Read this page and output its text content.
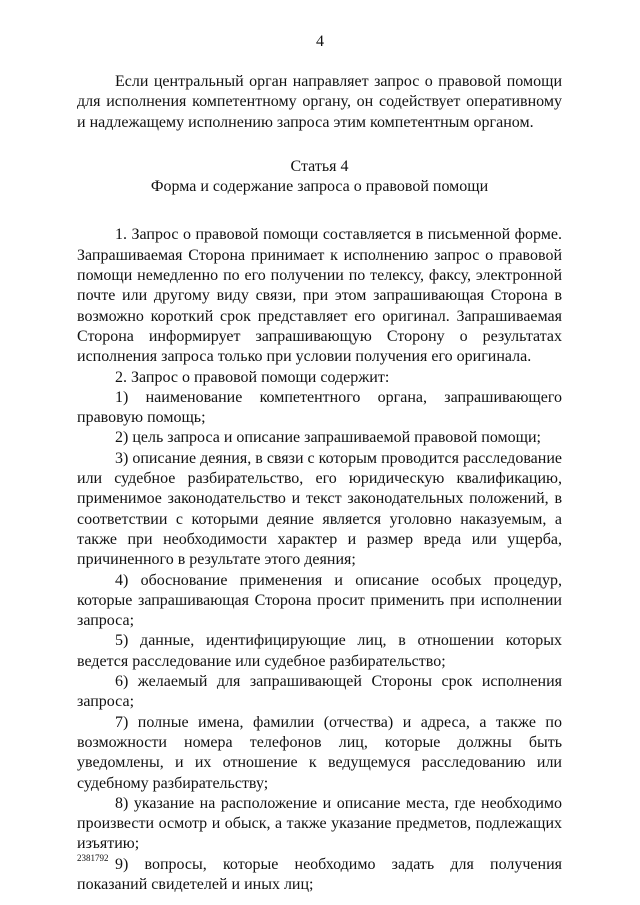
4

Если центральный орган направляет запрос о правовой помощи для исполнения компетентному органу, он содействует оперативному и надлежащему исполнению запроса этим компетентным органом.

Статья 4
Форма и содержание запроса о правовой помощи

1. Запрос о правовой помощи составляется в письменной форме. Запрашиваемая Сторона принимает к исполнению запрос о правовой помощи немедленно по его получении по телексу, факсу, электронной почте или другому виду связи, при этом запрашивающая Сторона в возможно короткий срок представляет его оригинал. Запрашиваемая Сторона информирует запрашивающую Сторону о результатах исполнения запроса только при условии получения его оригинала.

2. Запрос о правовой помощи содержит:

1) наименование компетентного органа, запрашивающего правовую помощь;

2) цель запроса и описание запрашиваемой правовой помощи;

3) описание деяния, в связи с которым проводится расследование или судебное разбирательство, его юридическую квалификацию, применимое законодательство и текст законодательных положений, в соответствии с которыми деяние является уголовно наказуемым, а также при необходимости характер и размер вреда или ущерба, причиненного в результате этого деяния;

4) обоснование применения и описание особых процедур, которые запрашивающая Сторона просит применить при исполнении запроса;

5) данные, идентифицирующие лиц, в отношении которых ведется расследование или судебное разбирательство;

6) желаемый для запрашивающей Стороны срок исполнения запроса;

7) полные имена, фамилии (отчества) и адреса, а также по возможности номера телефонов лиц, которые должны быть уведомлены, и их отношение к ведущемуся расследованию или судебному разбирательству;

8) указание на расположение и описание места, где необходимо произвести осмотр и обыск, а также указание предметов, подлежащих изъятию;

9) вопросы, которые необходимо задать для получения показаний свидетелей и иных лиц;

2381792
